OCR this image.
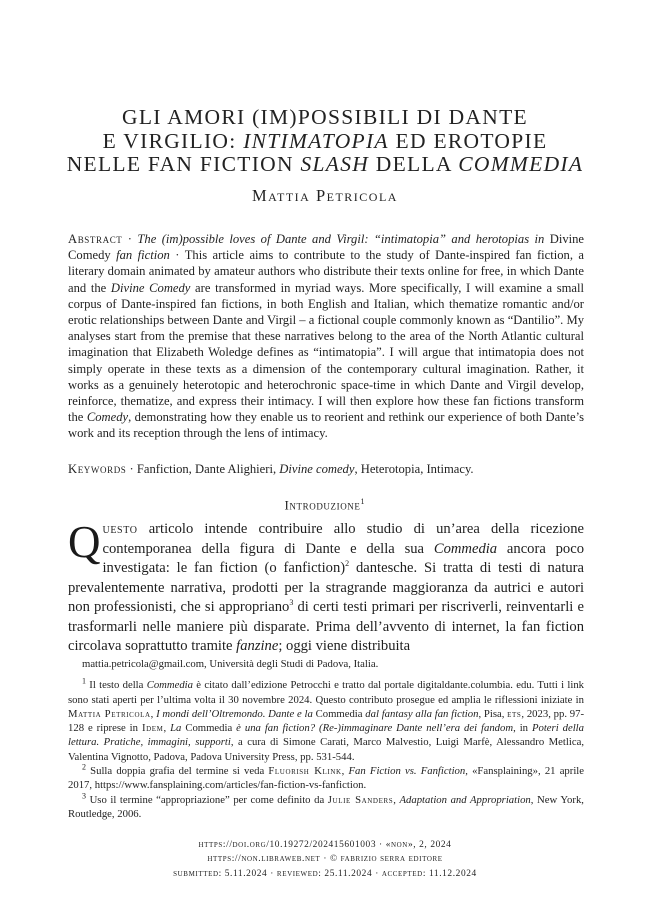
GLI AMORI (IM)POSSIBILI DI DANTE
E VIRGILIO: INTIMATOPIA ED EROTOPIE
NELLE FAN FICTION SLASH DELLA COMMEDIA
Mattia Petricola
Abstract · The (im)possible loves of Dante and Virgil: “intimatopia” and herotopias in Divine Comedy fan fiction · This article aims to contribute to the study of Dante-inspired fan fiction, a literary domain animated by amateur authors who distribute their texts online for free, in which Dante and the Divine Comedy are transformed in myriad ways. More specifically, I will examine a small corpus of Dante-inspired fan fictions, in both English and Italian, which thematize romantic and/or erotic relationships between Dante and Virgil – a fictional couple commonly known as “Dantilio”. My analyses start from the premise that these narratives belong to the area of the North Atlantic cultural imagination that Elizabeth Woledge defines as “intimatopia”. I will argue that intimatopia does not simply operate in these texts as a dimension of the contemporary cultural imagination. Rather, it works as a genuinely heterotopic and heterochronic space-time in which Dante and Virgil develop, reinforce, thematize, and express their intimacy. I will then explore how these fan fictions transform the Comedy, demonstrating how they enable us to reorient and rethink our experience of both Dante’s work and its reception through the lens of intimacy.
Keywords · Fanfiction, Dante Alighieri, Divine comedy, Heterotopia, Intimacy.
Introduzione$^1$
Questo articolo intende contribuire allo studio di un’area della ricezione contemporanea della figura di Dante e della sua Commedia ancora poco investigata: le fan fiction (o fanfiction)$^2$ dantesche. Si tratta di testi di natura prevalentemente narrativa, prodotti per la stragrande maggioranza da autrici e autori non professionisti, che si appropriano$^3$ di certi testi primari per riscriverli, reinventarli e trasformarli nelle maniere più disparate. Prima dell’avvento di internet, la fan fiction circolava soprattutto tramite fanzine; oggi viene distribuita

mattia.petricola@gmail.com, Università degli Studi di Padova, Italia.

$^1$ Il testo della Commedia è citato dall’edizione Petrocchi e tratto dal portale digitaldante.columbia. edu. Tutti i link sono stati aperti per l’ultima volta il 30 novembre 2024. Questo contributo prosegue ed amplia le riflessioni iniziate in Mattia Petricola, I mondi dell’Oltremondo. Dante e la Commedia dal fantasy alla fan fiction, Pisa, ets, 2023, pp. 97-128 e riprese in Idem, La Commedia è una fan fiction? (Re-)immaginare Dante nell’era dei fandom, in Poteri della lettura. Pratiche, immagini, supporti, a cura di Simone Carati, Marco Malvestio, Luigi Marfè, Alessandro Metlica, Valentina Vignotto, Padova, Padova University Press, pp. 531-544.

$^2$ Sulla doppia grafia del termine si veda Fluorish Klink, Fan Fiction vs. Fanfiction, «Fansplaining», 21 aprile 2017, https://www.fansplaining.com/articles/fan-fiction-vs-fanfiction.

$^3$ Uso il termine “appropriazione” per come definito da Julie Sanders, Adaptation and Appropriation, New York, Routledge, 2006.

https://doi.org/10.19272/202415601003 · «non», 2, 2024
https://non.libraweb.net · © fabrizio serra editore
submitted: 5.11.2024 · reviewed: 25.11.2024 · accepted: 11.12.2024
